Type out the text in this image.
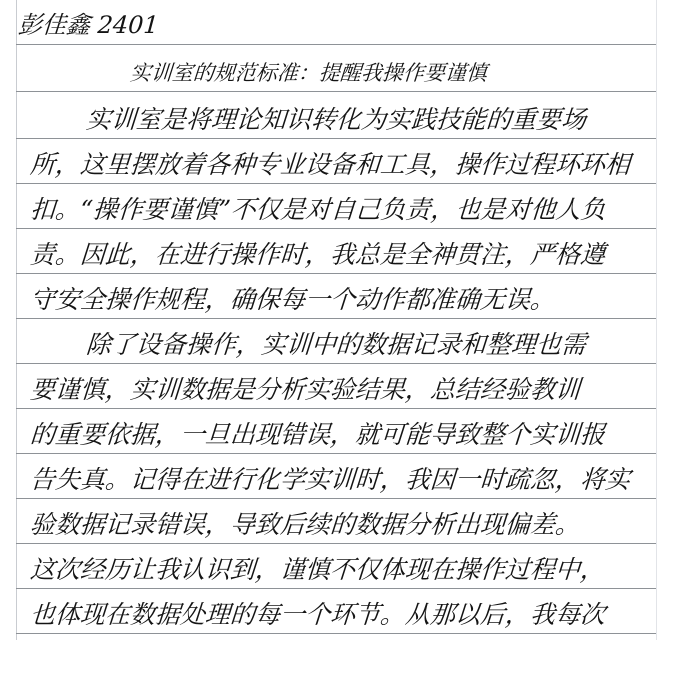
彭佳鑫 2401
实训室的规范标准：提醒我操作要谨慎
实训室是将理论知识转化为实践技能的重要场
所，这里摆放着各种专业设备和工具，操作过程环环相
扣。“操作要谨慎”不仅是对自己负责，也是对他人负
责。因此，在进行操作时，我总是全神贯注，严格遵
守安全操作规程，确保每一个动作都准确无误。
除了设备操作，实训中的数据记录和整理也需
要谨慎，实训数据是分析实验结果，总结经验教训
的重要依据，一旦出现错误，就可能导致整个实训报
告失真。记得在进行化学实训时，我因一时疏忽，将实
验数据记录错误，导致后续的数据分析出现偏差。
这次经历让我认识到，谨慎不仅体现在操作过程中，
也体现在数据处理的每一个环节。从那以后，我每次
